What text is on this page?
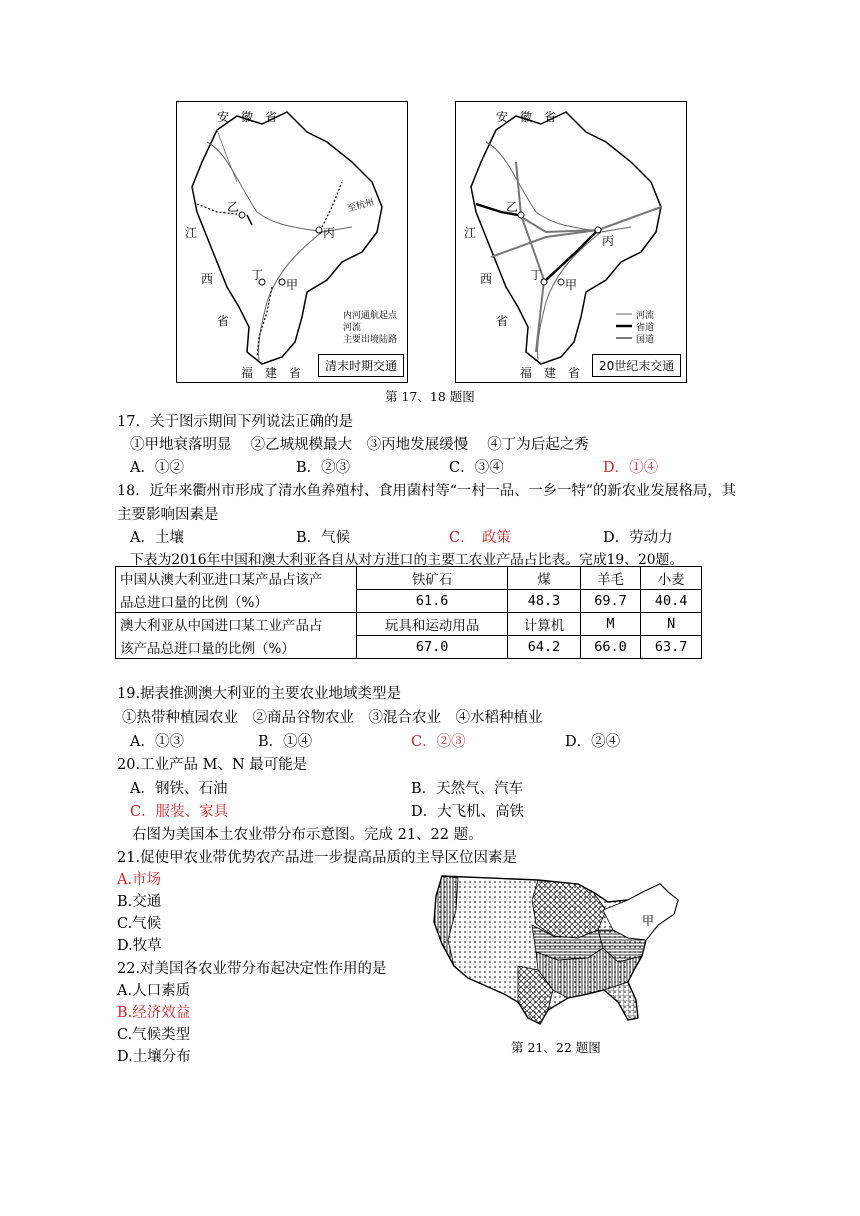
安　徽　省
江
西
省
福　建　省
乙
丙
甲
丁
至杭州
内河通航起点
河流
主要出境陆路
清末时期交通
安　徽　省
江
西
省
福　建　省
乙
丙
甲
丁
河流
省道
国道
20世纪末交通
第 17、18 题图
17．关于图示期间下列说法正确的是
①甲地衰落明显　 ②乙城规模最大　③丙地发展缓慢　 ④丁为后起之秀
A．①②	B．②③	C．③④	D．①④
18．近年来衢州市形成了清水鱼养殖村、食用菌村等“一村一品、一乡一特”的新农业发展格局，其
主要影响因素是
A．土壤	B．气候	C．　政策	D．劳动力
下表为2016年中国和澳大利亚各自从对方进口的主要工农业产品占比表。完成19、20题。
中国从澳大利亚进口某产品占该产	铁矿石	煤	羊毛	小麦
品总进口量的比例（%）	61.6	48.3	69.7	40.4
澳大利亚从中国进口某工业产品占	玩具和运动用品	计算机	M	N
该产品总进口量的比例（%）	67.0	64.2	66.0	63.7
19.据表推测澳大利亚的主要农业地域类型是
①热带种植园农业　②商品谷物农业　③混合农业　④水稻种植业
A．①③	B．①④	C．②③	D．②④
20.工业产品 M、N 最可能是
A．钢铁、石油	B．天然气、汽车
C．服装、家具	D．大飞机、高铁
右图为美国本土农业带分布示意图。完成 21、22 题。
21.促使甲农业带优势农产品进一步提高品质的主导区位因素是
A.市场
B.交通
C.气候
D.牧草
22.对美国各农业带分布起决定性作用的是
A.人口素质
B.经济效益
C.气候类型
D.土壤分布
甲
第 21、22 题图
